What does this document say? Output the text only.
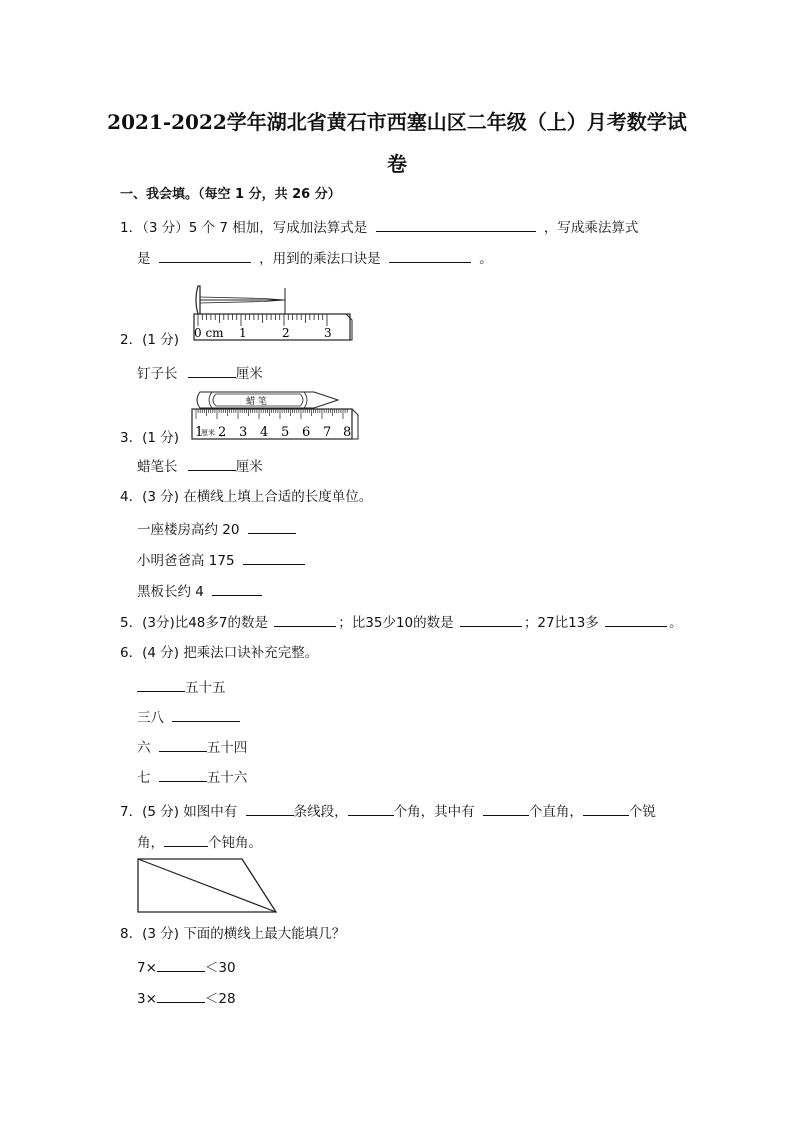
2021-2022学年湖北省黄石市西塞山区二年级（上）月考数学试
卷
一、我会填。（每空 1 分，共 26 分）
1．（3 分）5 个 7 相加，写成加法算式是	，写成乘法算式
是	，用到的乘法口诀是	。
2．(1 分) 0 cm 1	2	3
钉子长	厘米
3．(1 分)
蜡 笔
1
厘米 2 3 4 5 6 7 8
蜡笔长	厘米
4．(3 分) 在横线上填上合适的长度单位。
一座楼房高约 20
小明爸爸高 175
黑板长约 4
5．(3分)比48多7的数是	；比35少10的数是	；27比13多	。
6．(4 分) 把乘法口诀补充完整。
五十五
三八
六	五十四
七	五十六
7．(5 分) 如图中有	条线段，	个角，其中有	个直角，	个锐
角，	个钝角。
8．(3 分) 下面的横线上最大能填几？
7×	＜30
3×	＜28
